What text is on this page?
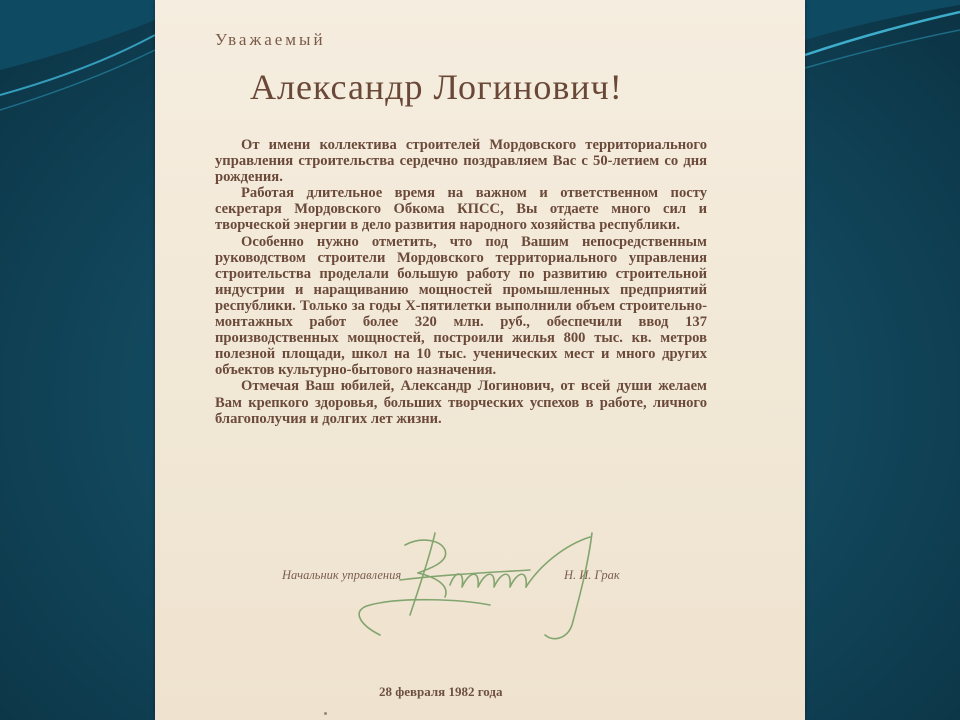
Уважаемый
Александр Логинович!

От имени коллектива строителей Мордовского территориального управления строительства сердечно поздравляем Вас с 50-летием со дня рождения.

Работая длительное время на важном и ответственном посту секретаря Мордовского Обкома КПСС, Вы отдаете много сил и творческой энергии в дело развития народного хозяйства республики.

Особенно нужно отметить, что под Вашим непосредственным руководством строители Мордовского территориального управления строительства проделали большую работу по развитию строительной индустрии и наращиванию мощностей промышленных предприятий республики. Только за годы X-пятилетки выполнили объем строительно-монтажных работ более 320 млн. руб., обеспечили ввод 137 производственных мощностей, построили жилья 800 тыс. кв. метров полезной площади, школ на 10 тыс. ученических мест и много других объектов культурно-бытового назначения.

Отмечая Ваш юбилей, Александр Логинович, от всей души желаем Вам крепкого здоровья, больших творческих успехов в работе, личного благополучия и долгих лет жизни.

Начальник управления	Н. И. Грак
28 февраля 1982 года
